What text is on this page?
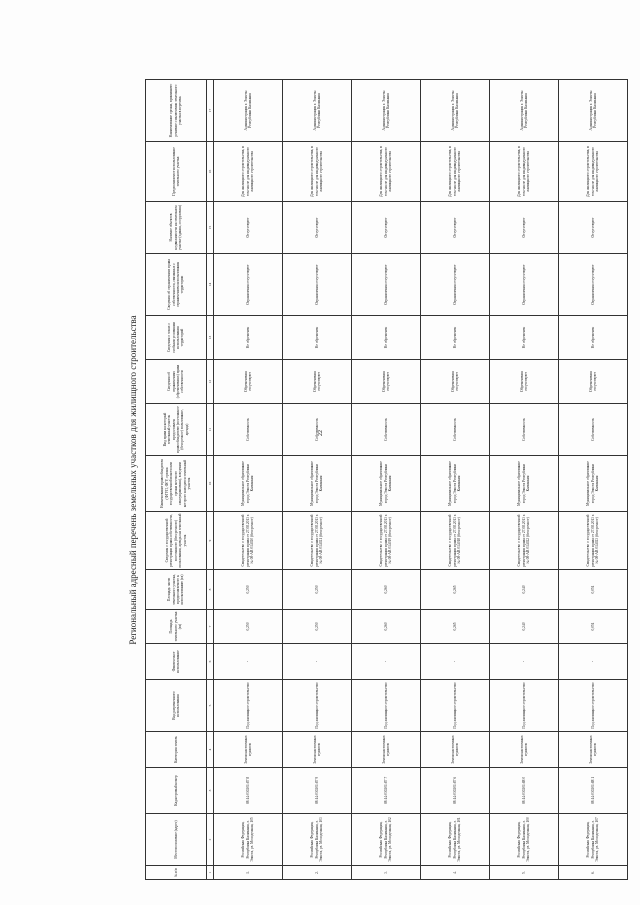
22
Региональный адресный перечень земельных участков для жилищного строительства
№ п/п	Местоположение (адрес)	Кадастровый номер	Категория земель	Вид разрешенного использования	Фактическое использование	Площадь земельного участка (га)	Площадь части земельного участка, предполагаемого к использованию (га)	Сведения о государственной регистрации права собственности, постоянного (бессрочного) пользования, аренды на земельный участок	Наименование правообладателя (ФГУП, ФГУ, органа государственной власти или органа местного самоуправления), в ведении которого находится земельный участок	Вид права на который земельный участок предоставлен правообладателю (постоянное (бессрочное) пользование, аренда)	Сведения об ограничениях (обременениях) права собственности	Сведения о зонах с особыми условиями использования территорий	Сведения об ограничениях права собственности, связанных с ограничением использования территории	Наличие объектов недвижимости на земельном участке (здания, сооружения)	Предполагаемое использование земельного участка	Наименование органа, принявшего решение о включении земельного участка в перечень
1	2	3	4	5	6	7	8	9	10	11	12	13	14	15	16	17
1.	Российская Федерация, Республика Калмыкия, г. Элиста, ул. Молодежная, 105	08:14:030201:87 8	Земли населенных пунктов	Под жилищное строительство	-	0,250	0,250	Свидетельство о государственной регистрации права от 27.08.2013 г. № 08-АВ 014020 (бессрочное)	Муниципальное образование город Элиста Республики Калмыкия	Собственность	Обременения отсутствуют	Не обременен	Ограничения отсутствуют	Отсутствуют	Для жилищного строительства, в том числе для индивидуального жилищного строительства	Администрация г. Элисты Республики Калмыкия
2.	Российская Федерация, Республика Калмыкия, г. Элиста, ул. Молодежная, 103	08:14:030201:87 9	Земли населенных пунктов	Под жилищное строительство	-	0,250	0,250	Свидетельство о государственной регистрации права от 27.08.2013 г. № 08-АВ 014021 (бессрочное)	Муниципальное образование город Элиста Республики Калмыкия	Собственность	Обременения отсутствуют	Не обременен	Ограничения отсутствуют	Отсутствуют	Для жилищного строительства, в том числе для индивидуального жилищного строительства	Администрация г. Элисты Республики Калмыкия
3.	Российская Федерация, Республика Калмыкия, г. Элиста, ул. Молодежная, 102	08:14:030201:87 7	Земли населенных пунктов	Под жилищное строительство	-	0,260	0,260	Свидетельство о государственной регистрации права от 27.08.2013 г. № 08-АВ 014019 (бессрочное)	Муниципальное образование город Элиста Республики Калмыкия	Собственность	Обременения отсутствуют	Не обременен	Ограничения отсутствуют	Отсутствуют	Для жилищного строительства, в том числе для индивидуального жилищного строительства	Администрация г. Элисты Республики Калмыкия
4.	Российская Федерация, Республика Калмыкия, г. Элиста, ул. Молодежная, 101	08:14:030201:87 6	Земли населенных пунктов	Под жилищное строительство	-	0,265	0,265	Свидетельство о государственной регистрации права от 27.08.2013 г. № 08-АВ 014018 (бессрочное)	Муниципальное образование город Элиста Республики Калмыкия	Собственность	Обременения отсутствуют	Не обременен	Ограничения отсутствуют	Отсутствуют	Для жилищного строительства, в том числе для индивидуального жилищного строительства	Администрация г. Элисты Республики Калмыкия
5.	Российская Федерация, Республика Калмыкия, г. Элиста, ул. Молодежная, 100	08:14:030201:88 0	Земли населенных пунктов	Под жилищное строительство	-	0,240	0,240	Свидетельство о государственной регистрации права от 27.08.2013 г. № 08-АВ 014022 (бессрочное)	Муниципальное образование город Элиста Республики Калмыкия	Собственность	Обременения отсутствуют	Не обременен	Ограничения отсутствуют	Отсутствуют	Для жилищного строительства, в том числе для индивидуального жилищного строительства	Администрация г. Элисты Республики Калмыкия
6.	Российская Федерация, Республика Калмыкия, г. Элиста, ул. Молодежная, 107	08:14:030201:88 1	Земли населенных пунктов	Под жилищное строительство	-	0,051	0,051	Свидетельство о государственной регистрации права от 27.08.2013 г. № 08-АВ 014023 (бессрочное)	Муниципальное образование город Элиста Республики Калмыкия	Собственность	Обременения отсутствуют	Не обременен	Ограничения отсутствуют	Отсутствуют	Для жилищного строительства, в том числе для индивидуального жилищного строительства	Администрация г. Элисты Республики Калмыкия
